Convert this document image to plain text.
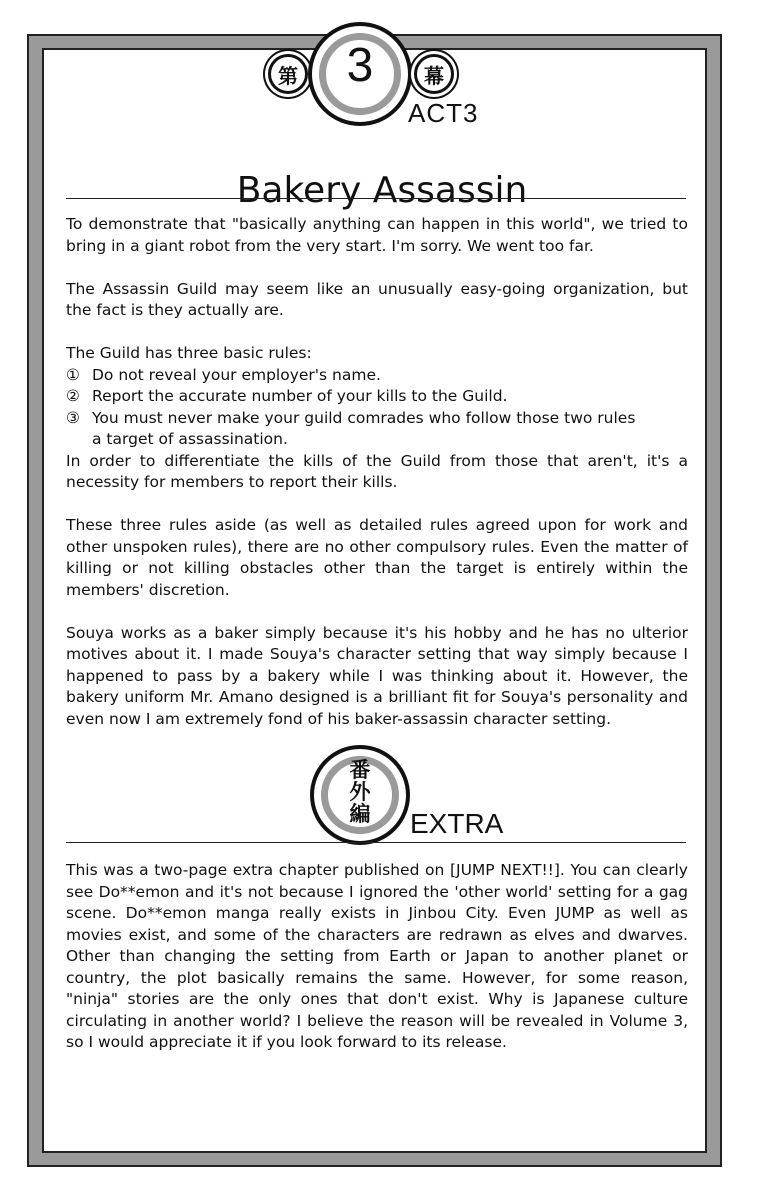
第	3	幕
ACT3
Bakery Assassin

To demonstrate that "basically anything can happen in this world", we tried to bring in a giant robot from the very start. I'm sorry. We went too far.

The Assassin Guild may seem like an unusually easy-going organization, but the fact is they actually are.

The Guild has three basic rules:
① Do not reveal your employer's name.
② Report the accurate number of your kills to the Guild.
③ You must never make your guild comrades who follow those two rules
a target of assassination.
In order to differentiate the kills of the Guild from those that aren't, it's a necessity for members to report their kills.

These three rules aside (as well as detailed rules agreed upon for work and other unspoken rules), there are no other compulsory rules. Even the matter of killing or not killing obstacles other than the target is entirely within the members' discretion.

Souya works as a baker simply because it's his hobby and he has no ulterior motives about it. I made Souya's character setting that way simply because I happened to pass by a bakery while I was thinking about it. However, the bakery uniform Mr. Amano designed is a brilliant fit for Souya's personality and even now I am extremely fond of his baker-assassin character setting.

番
外
編	EXTRA

This was a two-page extra chapter published on [JUMP NEXT!!]. You can clearly see Do**emon and it's not because I ignored the 'other world' setting for a gag scene. Do**emon manga really exists in Jinbou City. Even JUMP as well as movies exist, and some of the characters are redrawn as elves and dwarves. Other than changing the setting from Earth or Japan to another planet or country, the plot basically remains the same. However, for some reason, "ninja" stories are the only ones that don't exist. Why is Japanese culture circulating in another world? I believe the reason will be revealed in Volume 3, so I would appreciate it if you look forward to its release.
